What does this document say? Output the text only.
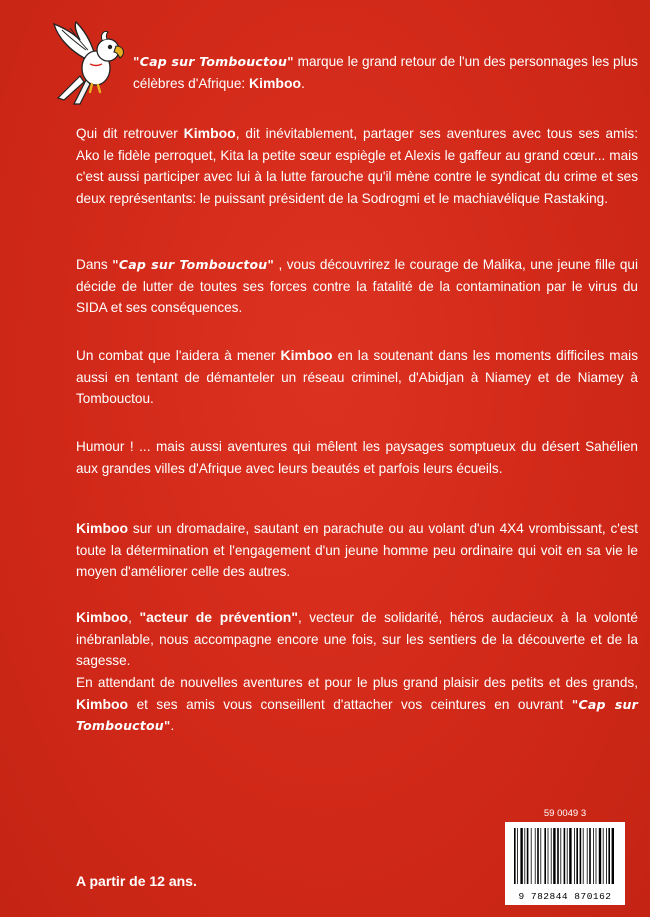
"Cap sur Tombouctou" marque le grand retour de l'un des personnages les plus célèbres d'Afrique: Kimboo.

Qui dit retrouver Kimboo, dit inévitablement, partager ses aventures avec tous ses amis: Ako le fidèle perroquet, Kita la petite sœur espiègle et Alexis le gaffeur au grand cœur... mais c'est aussi participer avec lui à la lutte farouche qu'il mène contre le syndicat du crime et ses deux représentants: le puissant président de la Sodrogmi et le machiavélique Rastaking.

Dans "Cap sur Tombouctou" , vous découvrirez le courage de Malika, une jeune fille qui décide de lutter de toutes ses forces contre la fatalité de la contamination par le virus du SIDA et ses conséquences.

Un combat que l'aidera à mener Kimboo en la soutenant dans les moments difficiles mais aussi en tentant de démanteler un réseau criminel, d'Abidjan à Niamey et de Niamey à Tombouctou.

Humour ! ... mais aussi aventures qui mêlent les paysages somptueux du désert Sahélien aux grandes villes d'Afrique avec leurs beautés et parfois leurs écueils.

Kimboo sur un dromadaire, sautant en parachute ou au volant d'un 4X4 vrombissant, c'est toute la détermination et l'engagement d'un jeune homme peu ordinaire qui voit en sa vie le moyen d'améliorer celle des autres.

Kimboo, "acteur de prévention", vecteur de solidarité, héros audacieux à la volonté inébranlable, nous accompagne encore une fois, sur les sentiers de la découverte et de la sagesse.

En attendant de nouvelles aventures et pour le plus grand plaisir des petits et des grands, Kimboo et ses amis vous conseillent d'attacher vos ceintures en ouvrant "Cap sur Tombouctou".

A partir de 12 ans.
59 0049 3
9 782844 870162
